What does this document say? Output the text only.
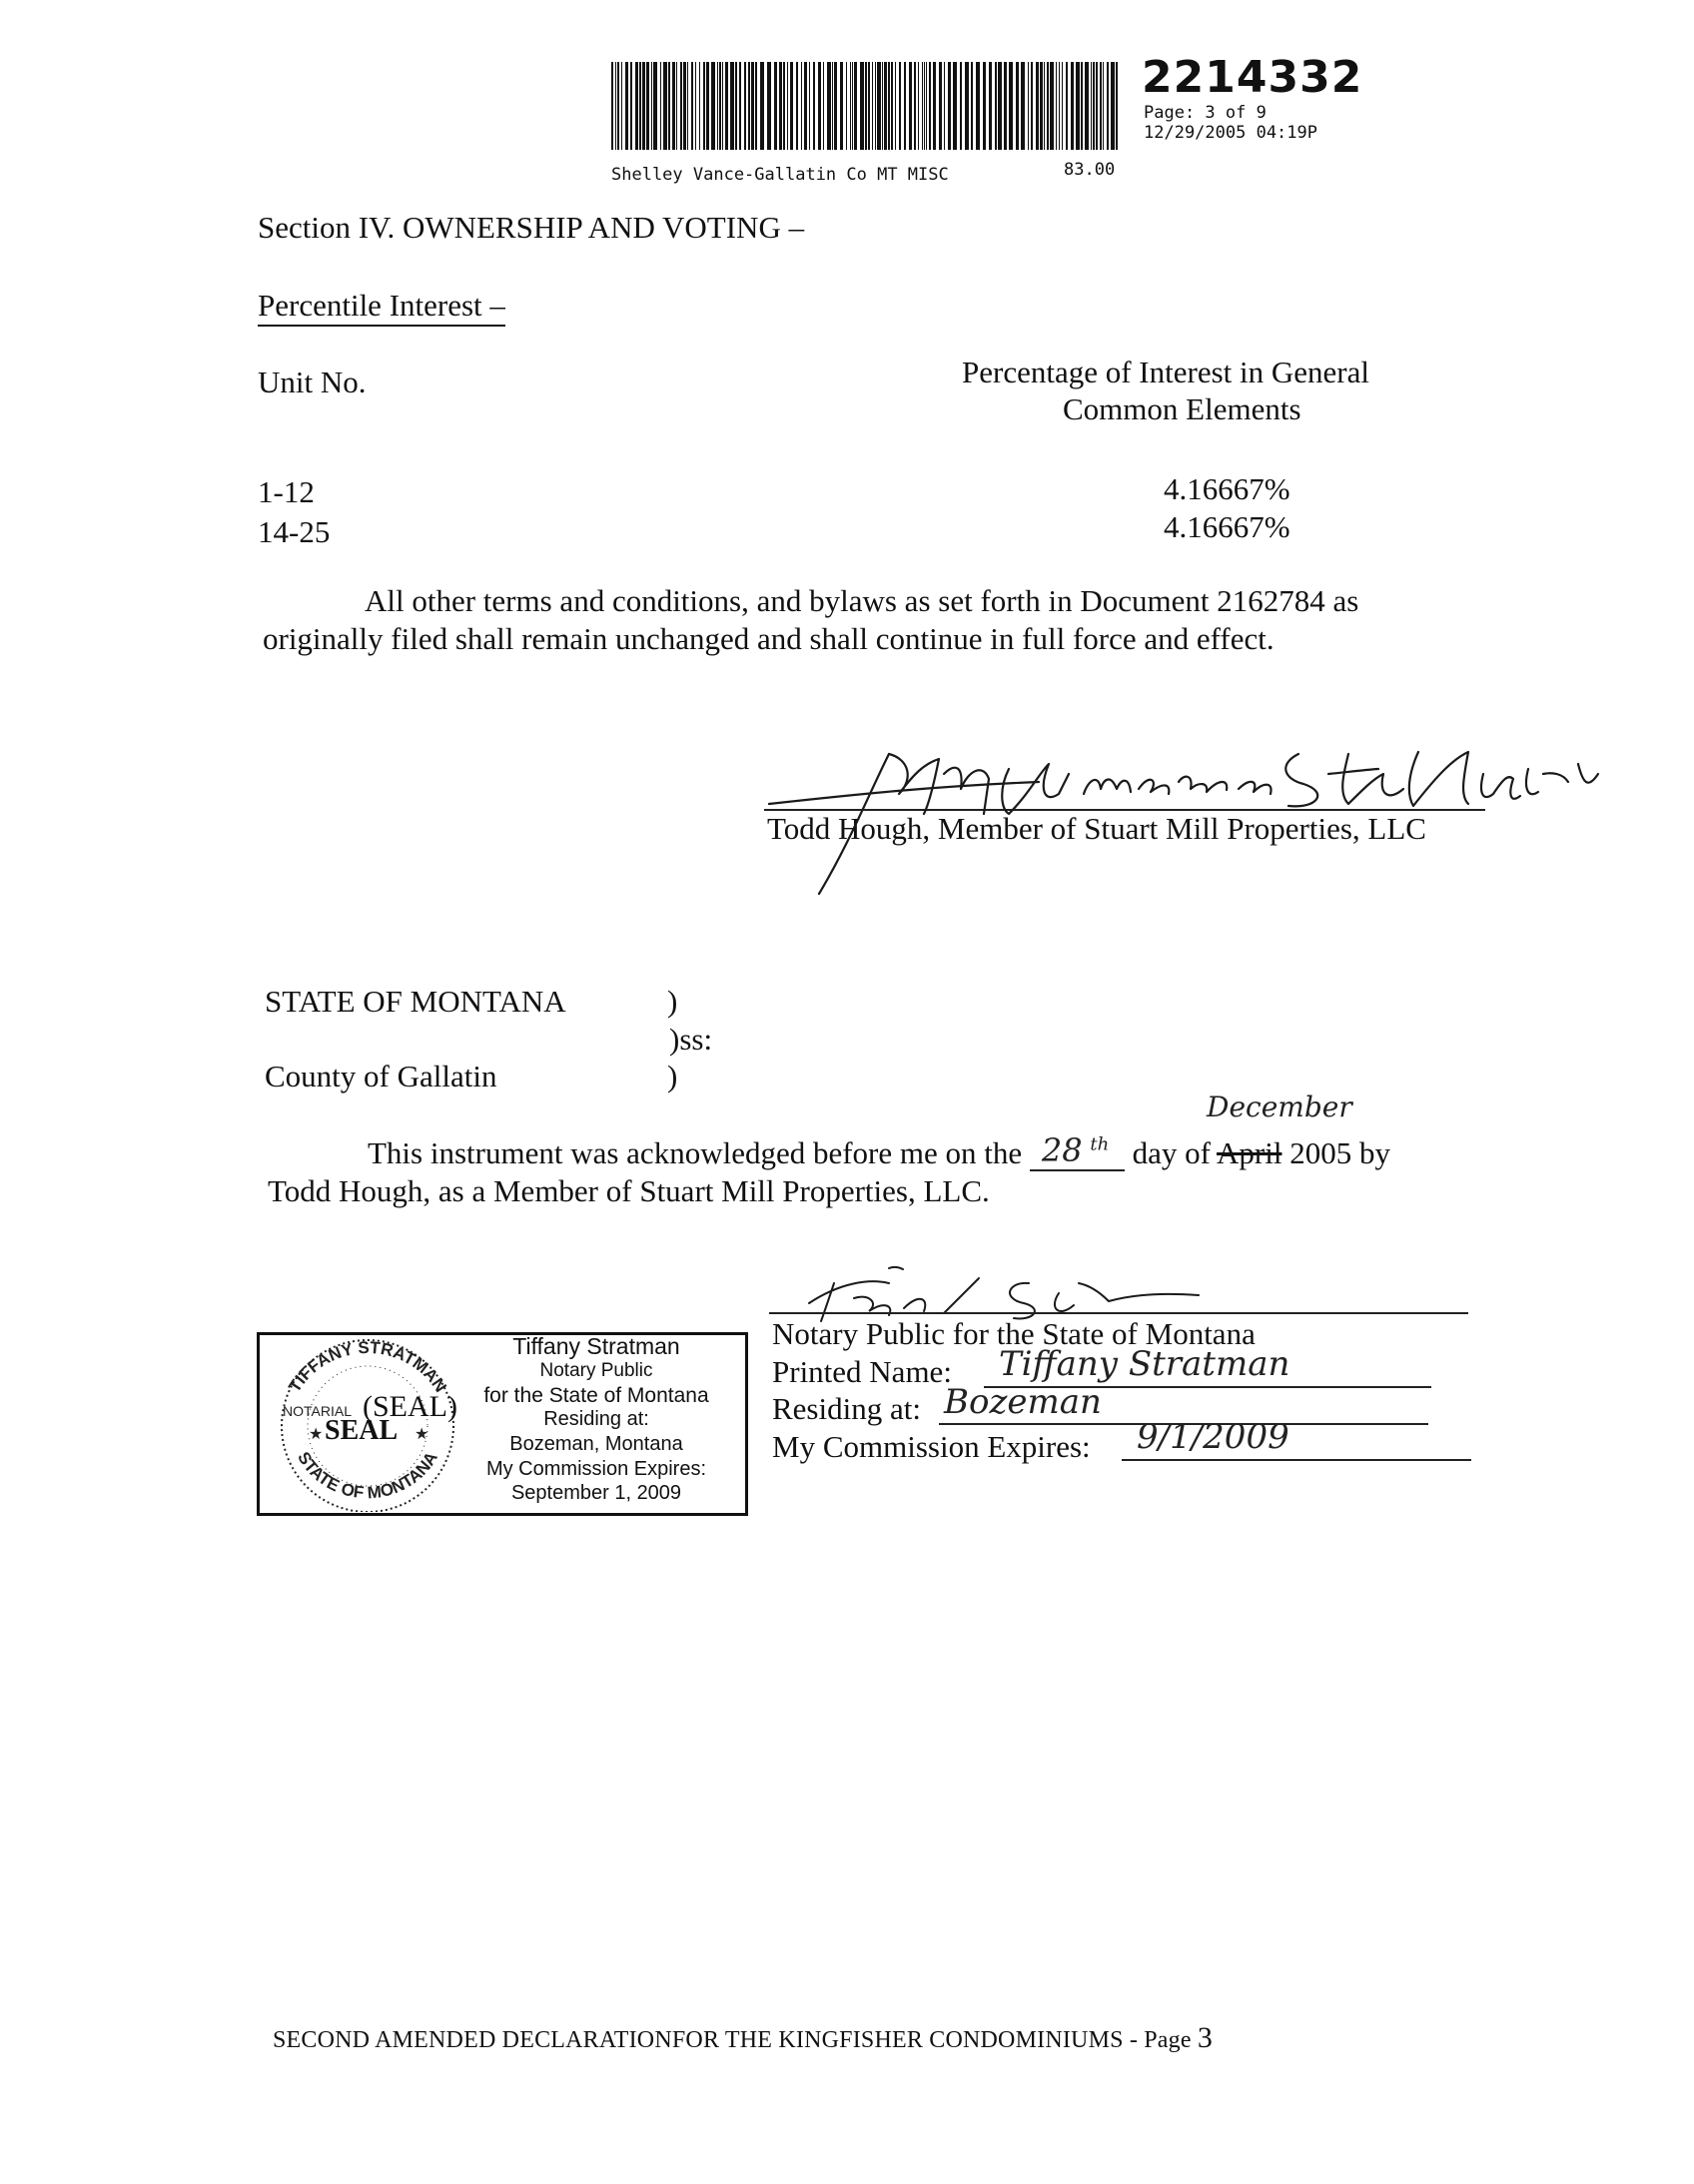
2214332
Page: 3 of 9
12/29/2005 04:19P
Shelley Vance-Gallatin Co MT MISC	83.00
Section IV. OWNERSHIP AND VOTING –
Percentile Interest –
Unit No.	Percentage of Interest in General
Common Elements
1-12	4.16667%
14-25	4.16667%
All other terms and conditions, and bylaws as set forth in Document 2162784 as
originally filed shall remain unchanged and shall continue in full force and effect.
Todd Hough, Member of Stuart Mill Properties, LLC
STATE OF MONTANA	)
)ss:
County of Gallatin	)
This instrument was acknowledged before me on the 28 $^{th}$ day of April
December
2005 by
Todd Hough, as a Member of Stuart Mill Properties, LLC.
Notary Public for the State of Montana
Printed Name: Tiffany Stratman
Residing at: Bozeman
My Commission Expires: 9/1/2009
TIFFANY STRATMAN
STATE OF MONTANA
NOTARIAL
SEAL
(SEAL)
★	★
Tiffany Stratman
Notary Public
for the State of Montana
Residing at:
Bozeman, Montana
My Commission Expires:
September 1, 2009
SECOND AMENDED DECLARATIONFOR THE KINGFISHER CONDOMINIUMS - Page 3
